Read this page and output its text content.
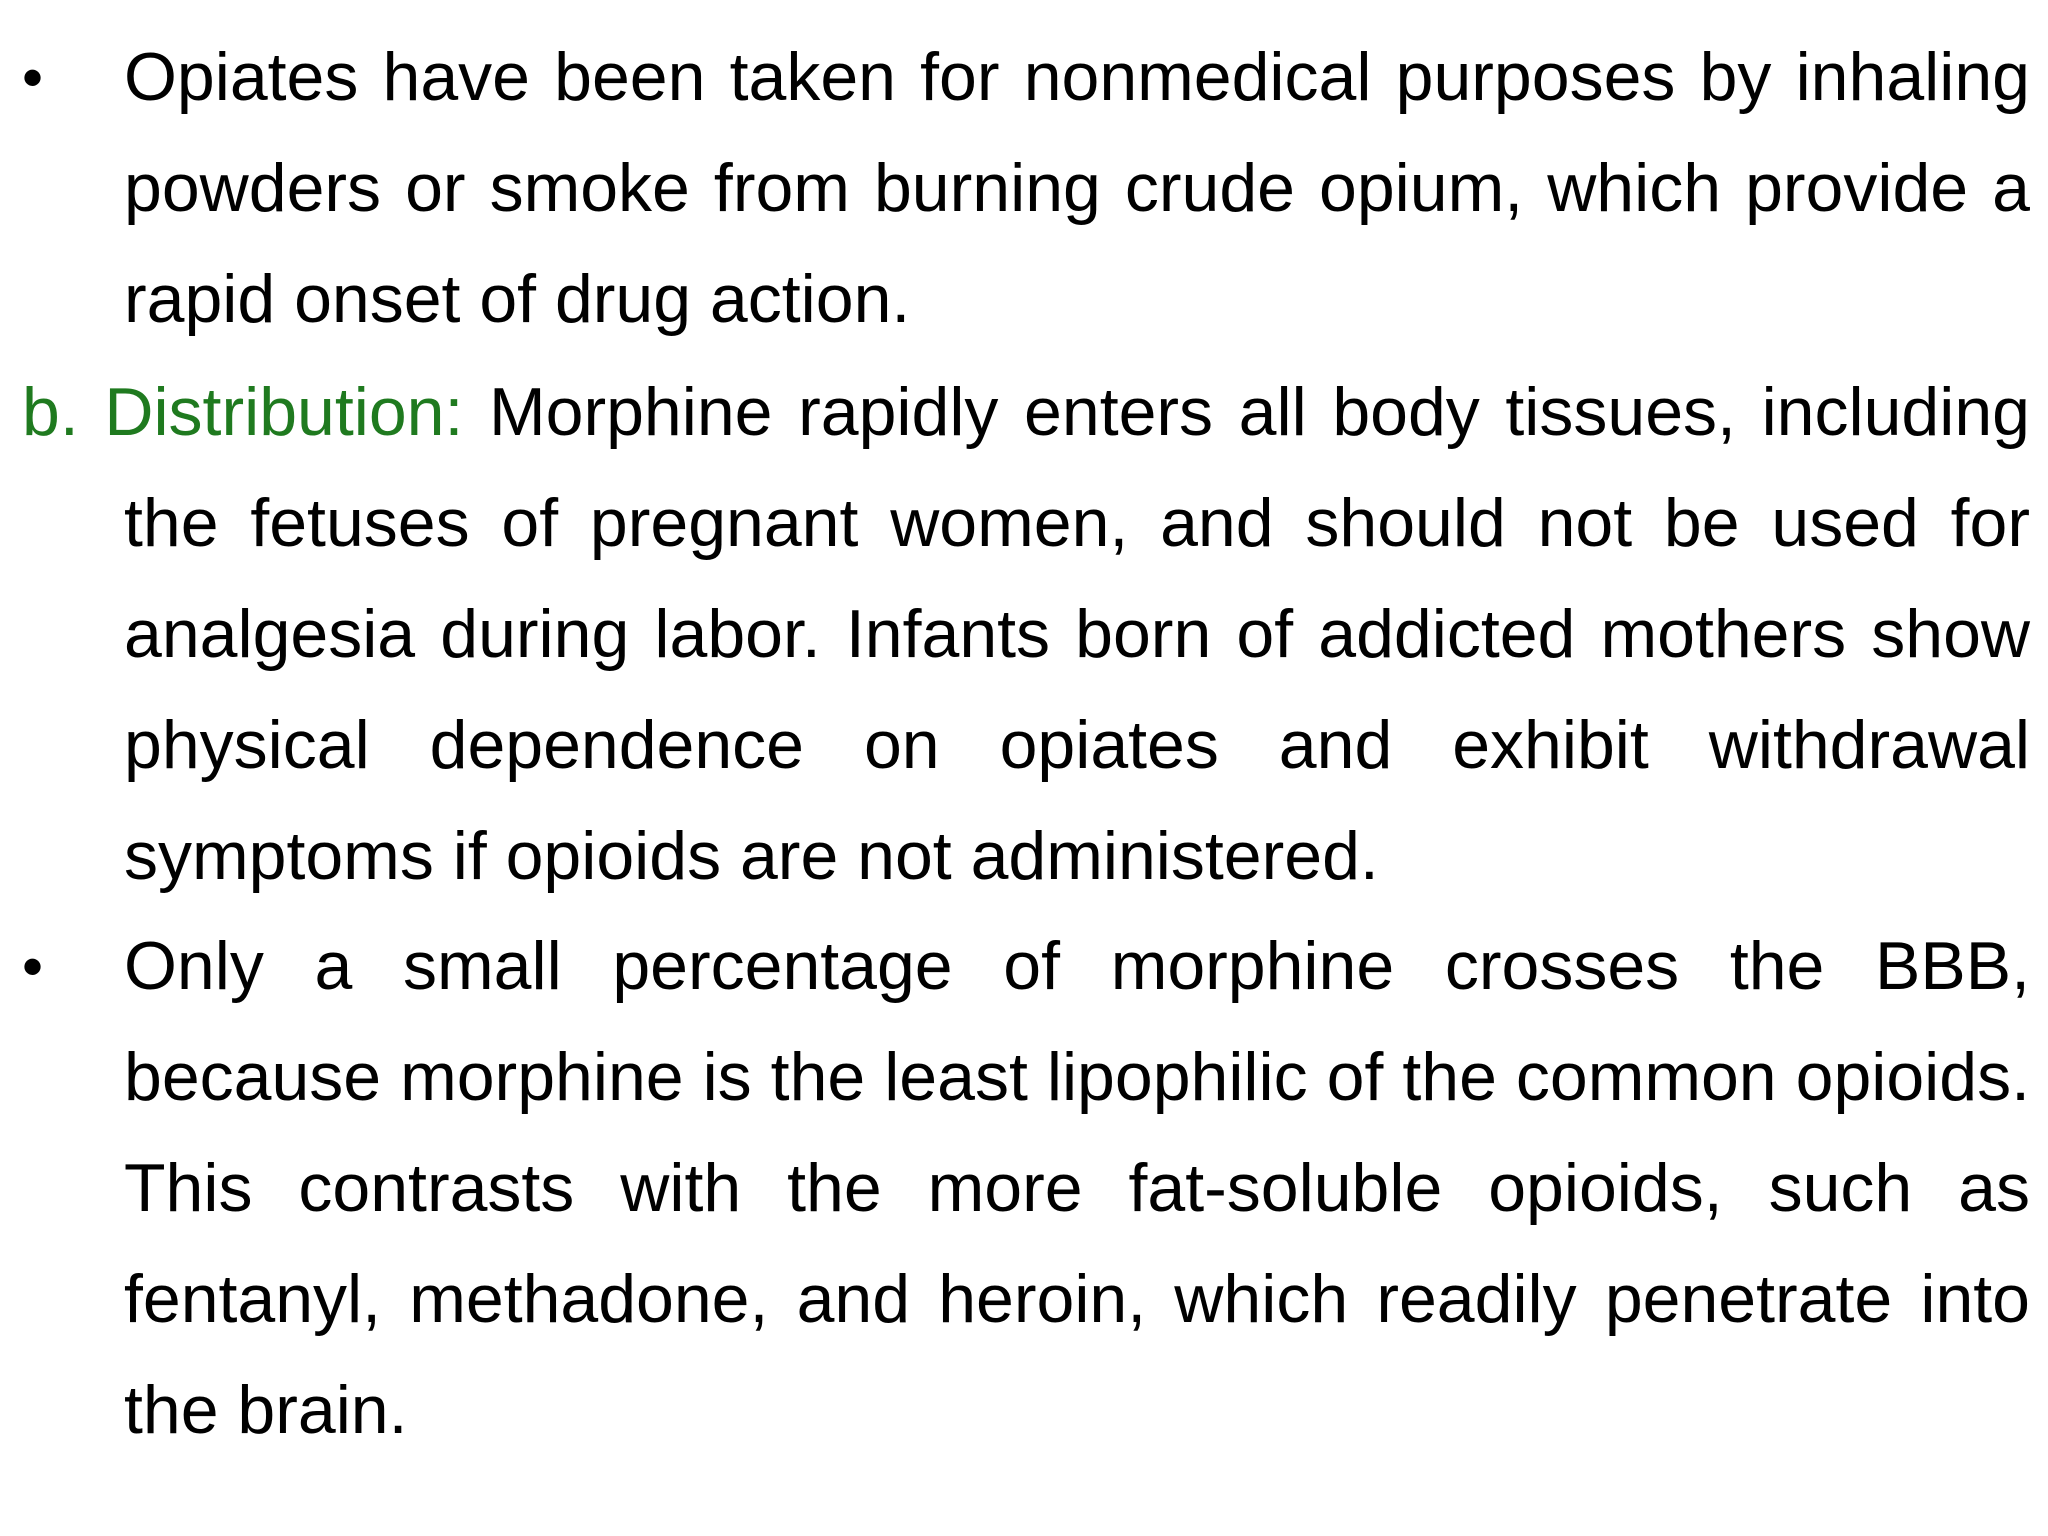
• Opiates have been taken for nonmedical purposes by inhaling powders or smoke from burning crude opium, which provide a rapid onset of drug action.

b. Distribution: Morphine rapidly enters all body tissues, including
the fetuses of pregnant women, and should not be used for analgesia during labor. Infants born of addicted mothers show physical dependence on opiates and exhibit withdrawal symptoms if opioids are not administered.
• Only a small percentage of morphine crosses the BBB, because morphine is the least lipophilic of the common opioids. This contrasts with the more fat-soluble opioids, such as fentanyl, methadone, and heroin, which readily penetrate into the brain.
